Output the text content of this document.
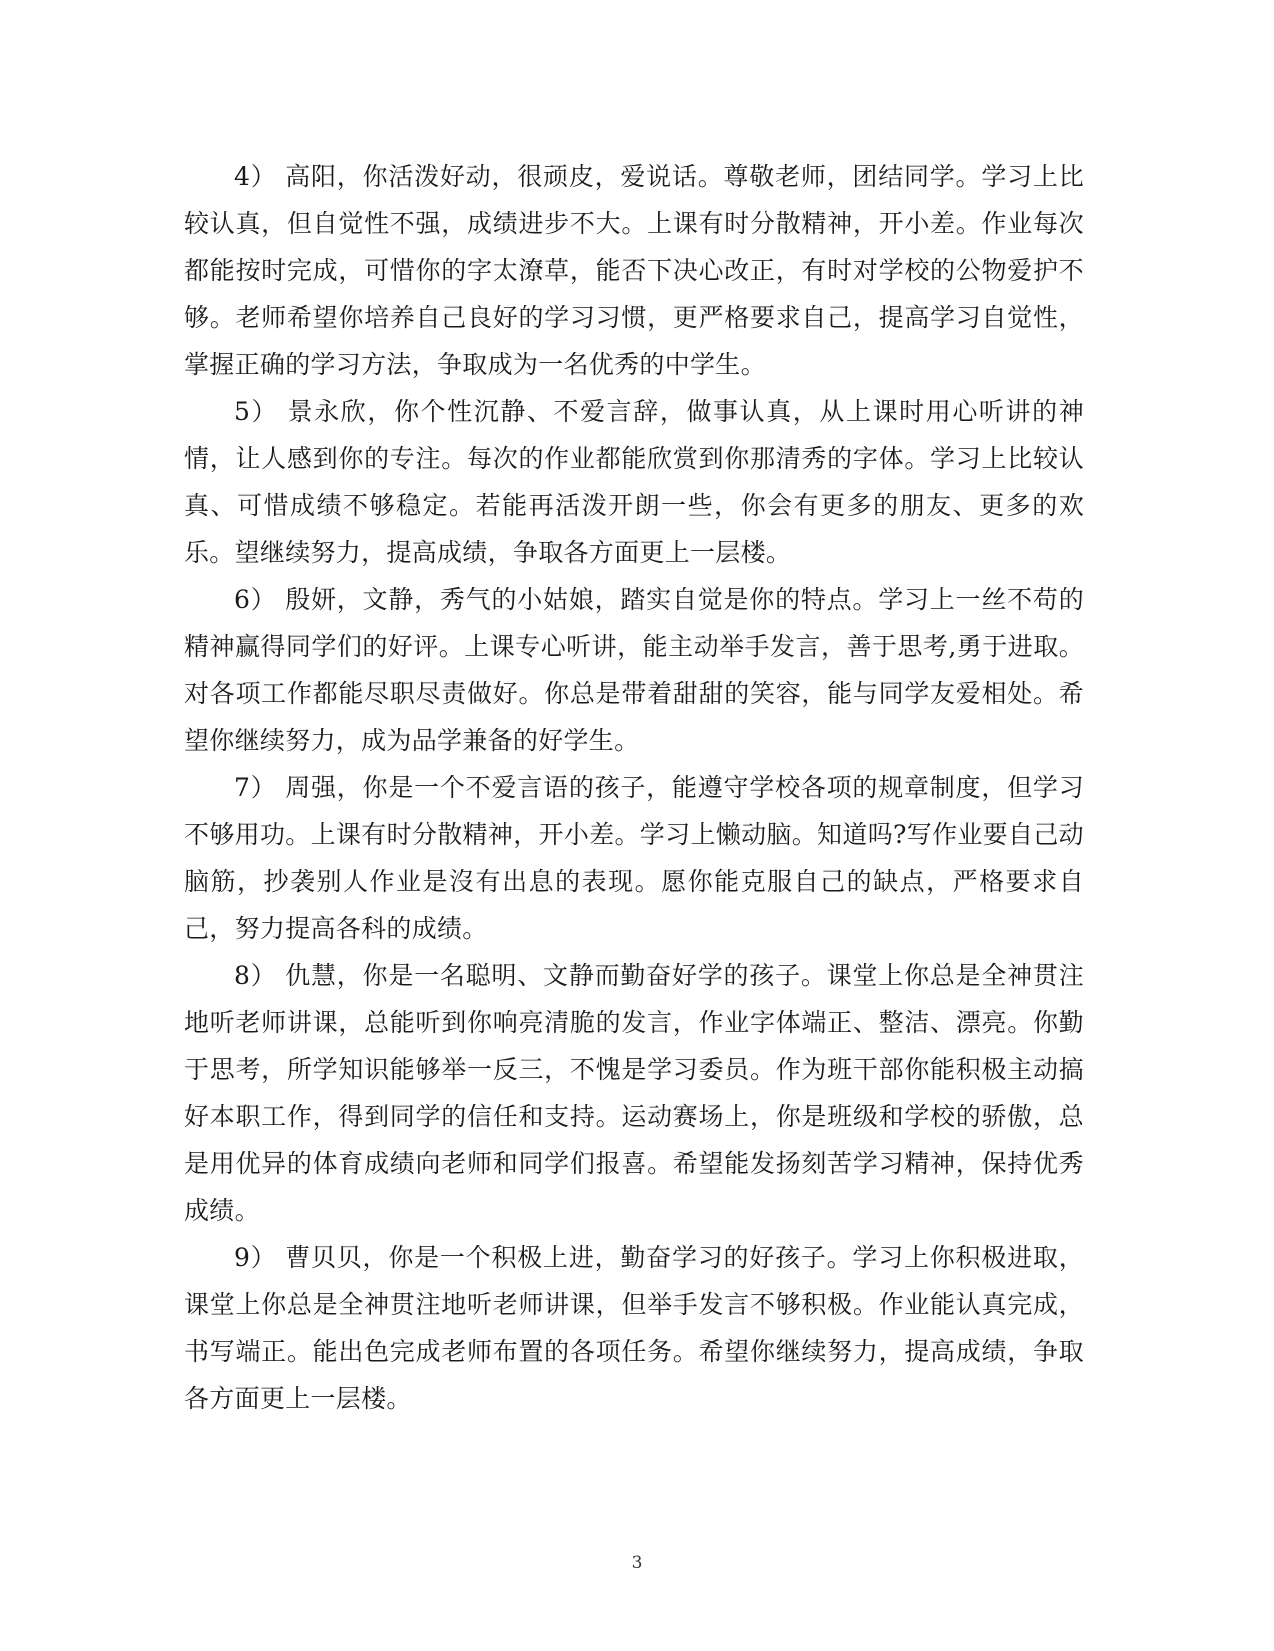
4） 高阳，你活泼好动，很顽皮，爱说话。尊敬老师，团结同学。学习上比较认真，但自觉性不强，成绩进步不大。上课有时分散精神，开小差。作业每次都能按时完成，可惜你的字太潦草，能否下决心改正，有时对学校的公物爱护不够。老师希望你培养自己良好的学习习惯，更严格要求自己，提高学习自觉性，掌握正确的学习方法，争取成为一名优秀的中学生。

5） 景永欣，你个性沉静、不爱言辞，做事认真，从上课时用心听讲的神情，让人感到你的专注。每次的作业都能欣赏到你那清秀的字体。学习上比较认真、可惜成绩不够稳定。若能再活泼开朗一些，你会有更多的朋友、更多的欢乐。望继续努力，提高成绩，争取各方面更上一层楼。

6） 殷妍，文静，秀气的小姑娘，踏实自觉是你的特点。学习上一丝不苟的精神赢得同学们的好评。上课专心听讲，能主动举手发言，善于思考,勇于进取。对各项工作都能尽职尽责做好。你总是带着甜甜的笑容，能与同学友爱相处。希望你继续努力，成为品学兼备的好学生。

7） 周强，你是一个不爱言语的孩子，能遵守学校各项的规章制度，但学习不够用功。上课有时分散精神，开小差。学习上懒动脑。知道吗?写作业要自己动脑筋，抄袭别人作业是沒有出息的表现。愿你能克服自己的缺点，严格要求自己，努力提高各科的成绩。

8） 仇慧，你是一名聪明、文静而勤奋好学的孩子。课堂上你总是全神贯注地听老师讲课，总能听到你响亮清脆的发言，作业字体端正、整洁、漂亮。你勤于思考，所学知识能够举一反三，不愧是学习委员。作为班干部你能积极主动搞好本职工作，得到同学的信任和支持。运动赛场上，你是班级和学校的骄傲，总是用优异的体育成绩向老师和同学们报喜。希望能发扬刻苦学习精神，保持优秀成绩。

9） 曹贝贝，你是一个积极上进，勤奋学习的好孩子。学习上你积极进取，课堂上你总是全神贯注地听老师讲课，但举手发言不够积极。作业能认真完成，书写端正。能出色完成老师布置的各项任务。希望你继续努力，提高成绩，争取各方面更上一层楼。

3
